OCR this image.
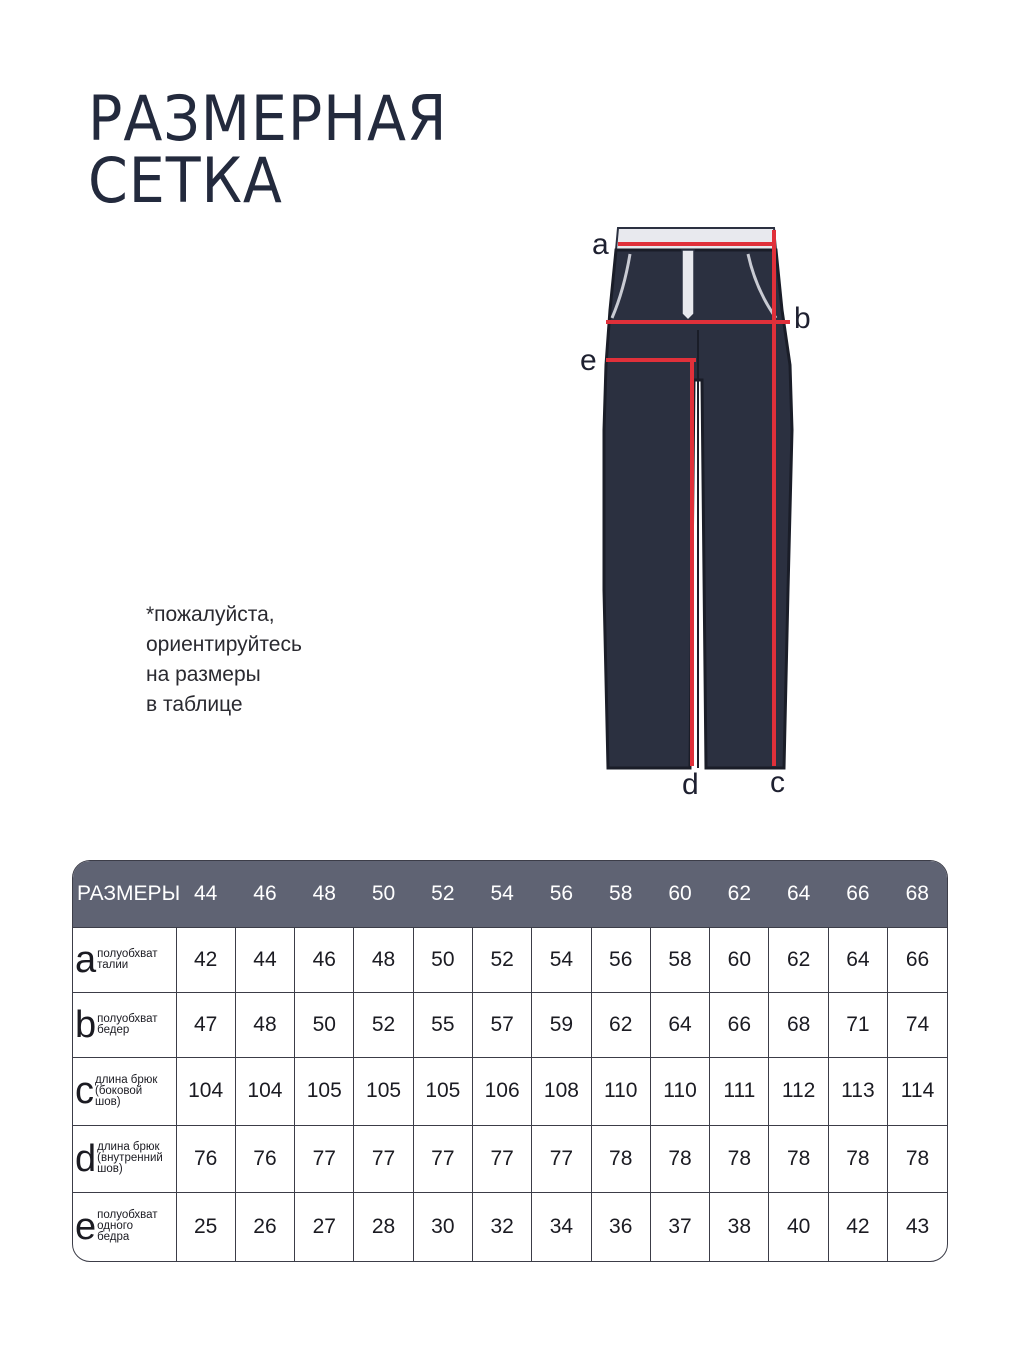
РАЗМЕРНАЯ
СЕТКА
a
b
e
d c
*пожалуйста,
ориентируйтесь
на размеры
в таблице
РАЗМЕРЫ	44	46	48	50	52	54	56	58	60	62	64	66	68

a полуобхват
талии	42	44	46	48	50	52	54	56	58	60	62	64	66

b полуобхват
бедер	47	48	50	52	55	57	59	62	64	66	68	71	74

c длина брюк
(боковой
шов)	104	104	105	105	105	106	108	110	110	111	112	113	114

d длина брюк
(внутренний
шов)	76	76	77	77	77	77	77	78	78	78	78	78	78

e полуобхват
одного
бедра	25	26	27	28	30	32	34	36	37	38	40	42	43
